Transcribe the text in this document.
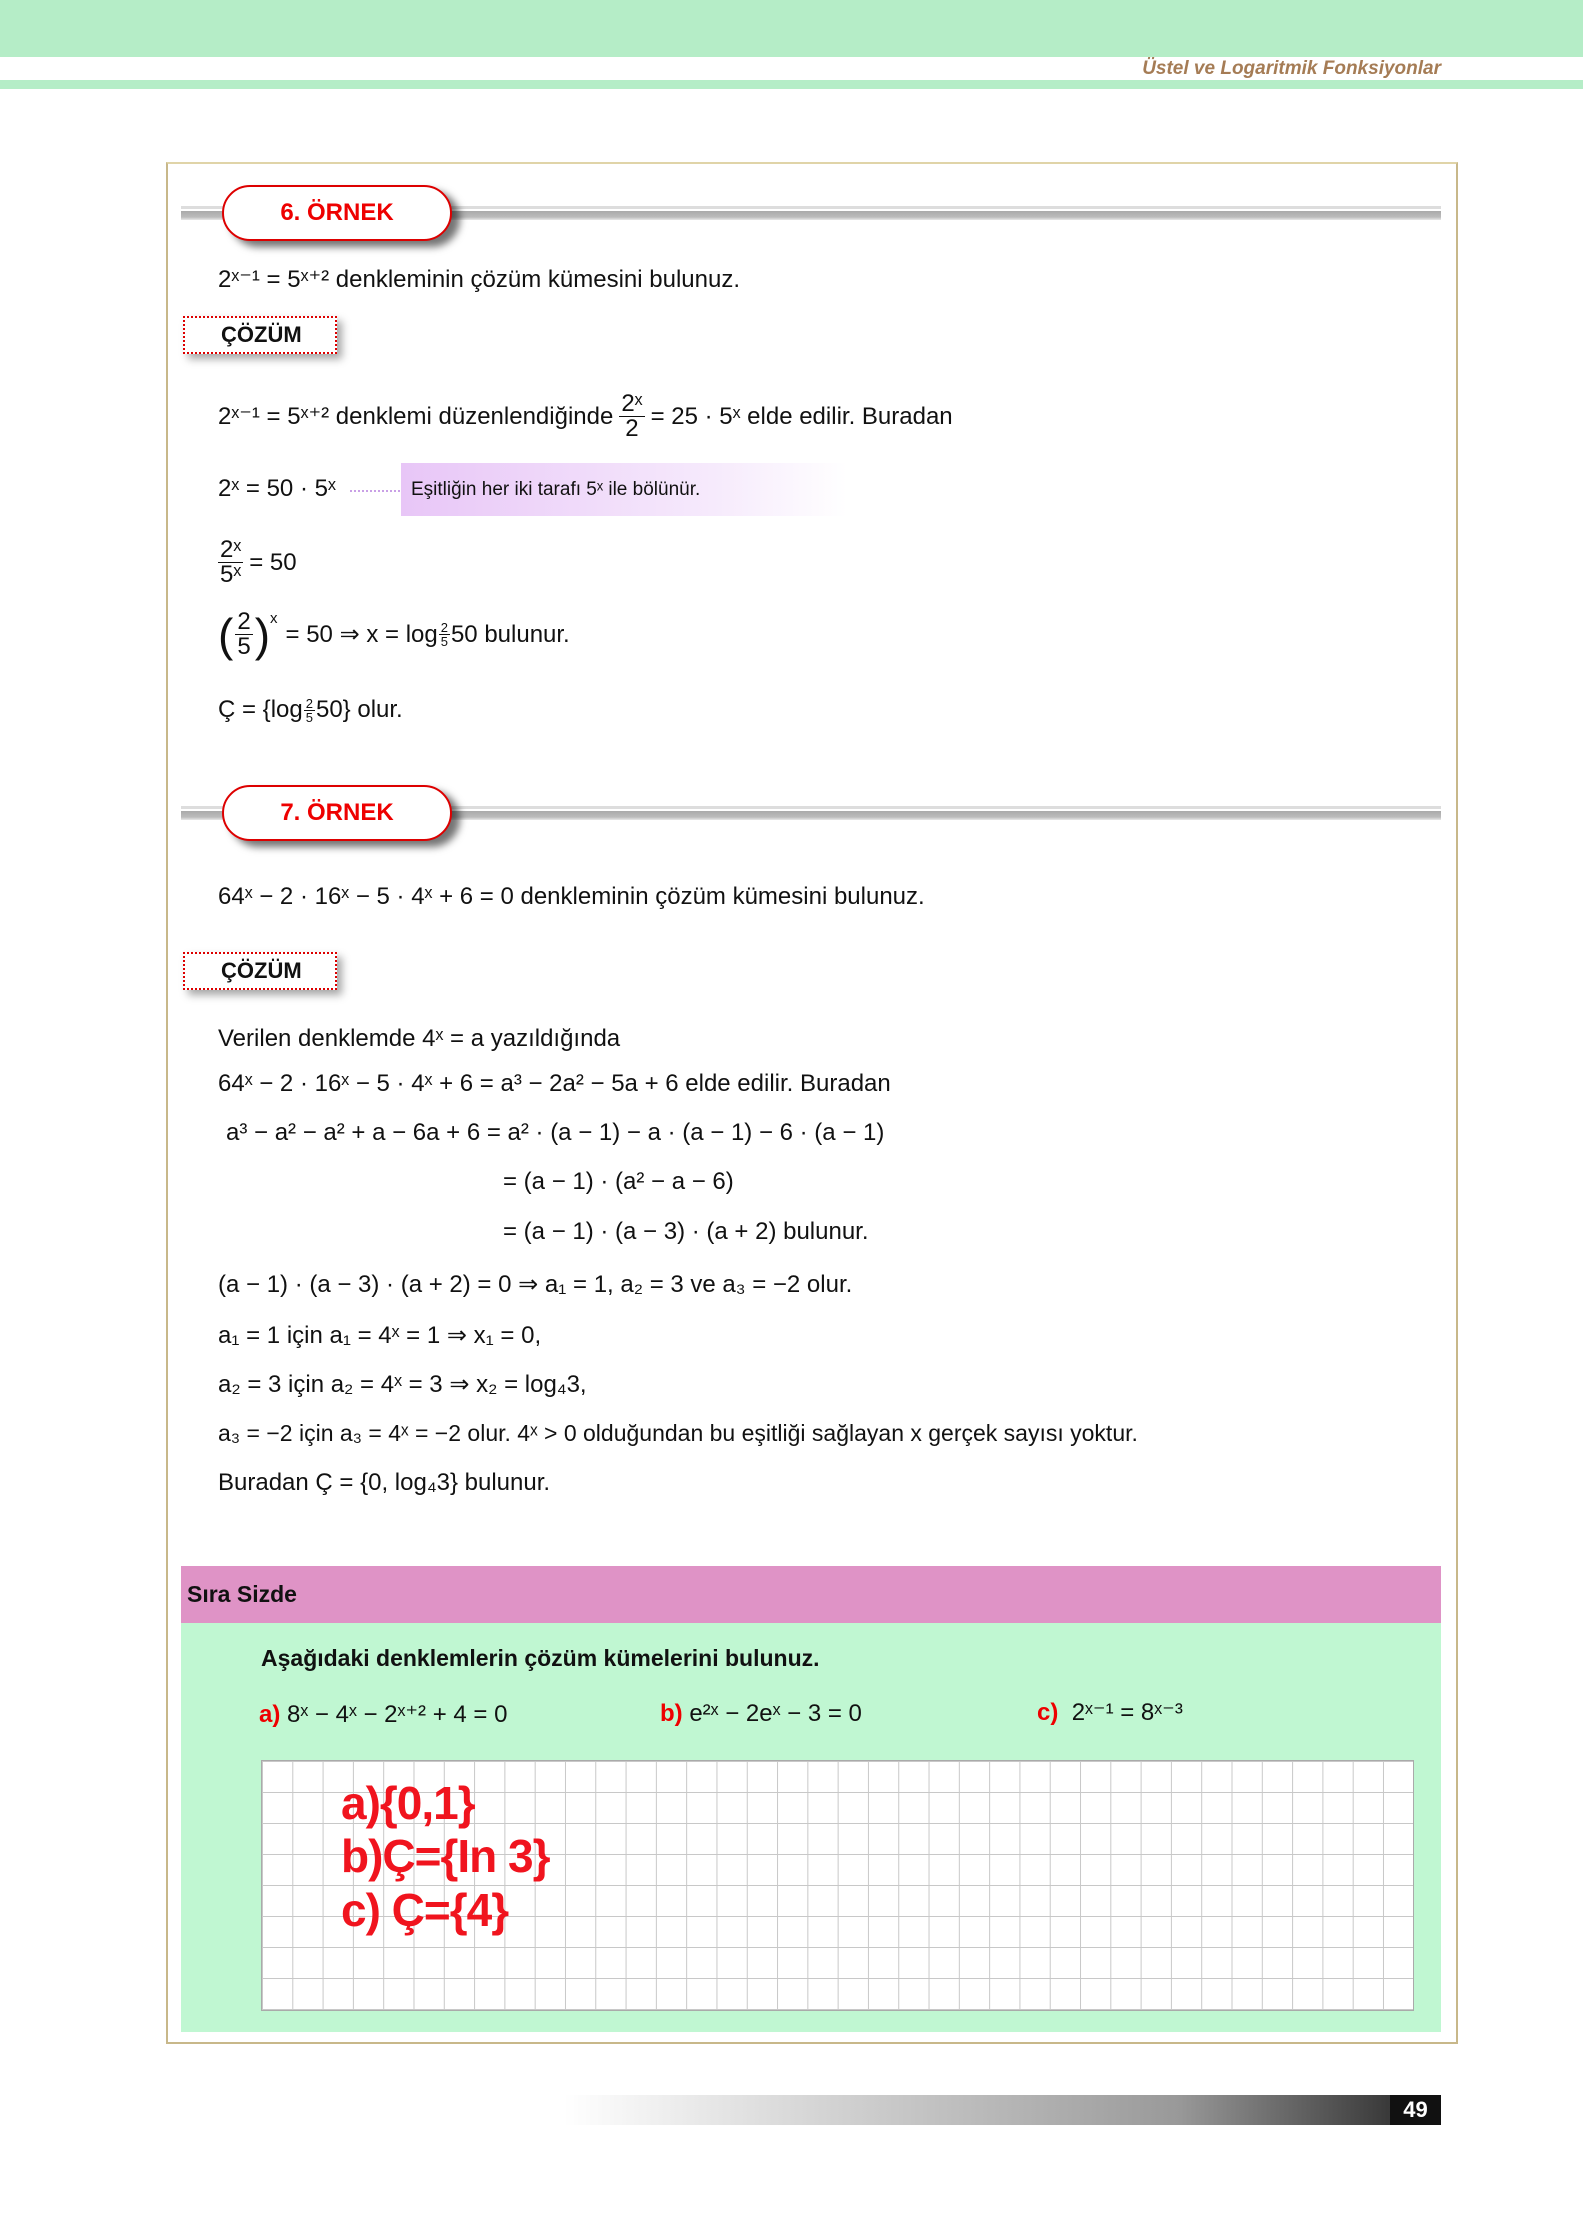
Üstel ve Logaritmik Fonksiyonlar
6. ÖRNEK
2ˣ⁻¹ = 5ˣ⁺² denkleminin çözüm kümesini bulunuz.
ÇÖZÜM
2ˣ⁻¹ = 5ˣ⁺² denklemi düzenlendiğinde $\frac{\text{2ˣ}}{2} = 25$ · 5ˣ elde edilir. Buradan
2ˣ = 50 · 5ˣ	Eşitliğin her iki tarafı 5ˣ ile bölünür.
$\frac{\text{2ˣ}}{\text{5ˣ}} = 50$
( $\frac{2}{5} )^x$
= 50 ⇒ $x = \log \frac{2}{5} 50$ bulunur.
Ç = $\{\log \frac{2}{5} 50\}$ olur.
7. ÖRNEK
64ˣ − 2 · 16ˣ − 5 · 4ˣ + 6 = 0 denkleminin çözüm kümesini bulunuz.
ÇÖZÜM
Verilen denklemde 4ˣ = a yazıldığında
64ˣ − 2 · 16ˣ − 5 · 4ˣ + 6 = a³ − 2a² − 5a + 6 elde edilir. Buradan
a³ − a² − a² + a − 6a + 6 = a² · (a − 1) − a · (a − 1) − 6 · (a − 1)
= (a − 1) · (a² − a − 6)
= (a − 1) · (a − 3) · (a + 2) bulunur.
(a − 1) · (a − 3) · (a + 2) = 0 ⇒ a₁ = 1, a₂ = 3 ve a₃ = −2 olur.
a₁ = 1 için a₁ = 4ˣ = 1 ⇒ x₁ = 0,
a₂ = 3 için a₂ = 4ˣ = 3 ⇒ x₂ = log₄3,
a₃ = −2 için a₃ = 4ˣ = −2 olur. 4ˣ > 0 olduğundan bu eşitliği sağlayan x gerçek sayısı yoktur.
Buradan Ç = {0, log₄3} bulunur.
Sıra Sizde
Aşağıdaki denklemlerin çözüm kümelerini bulunuz.
a)
8ˣ − 4ˣ − 2ˣ⁺² + 4 = 0	b)
e²ˣ − 2eˣ − 3 = 0	c)
2ˣ⁻¹ = 8ˣ⁻³
a){0,1}
b)Ç={In 3}
c) Ç={4}
49
